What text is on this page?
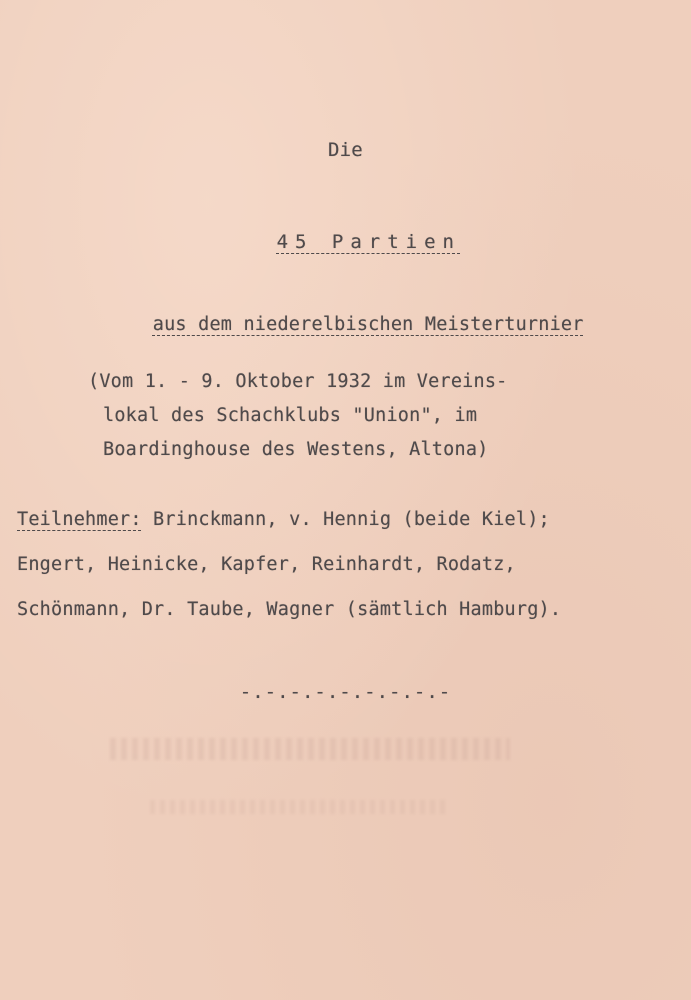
Die

45 Partien

aus dem niederelbischen Meisterturnier

(Vom 1. - 9. Oktober 1932 im Vereins-
lokal des Schachklubs "Union", im
Boardinghouse des Westens, Altona)
Teilnehmer: Brinckmann, v. Hennig (beide Kiel);
Engert, Heinicke, Kapfer, Reinhardt, Rodatz,
Schönmann, Dr. Taube, Wagner (sämtlich Hamburg).
-.-.-.-.-.-.-.-.-
